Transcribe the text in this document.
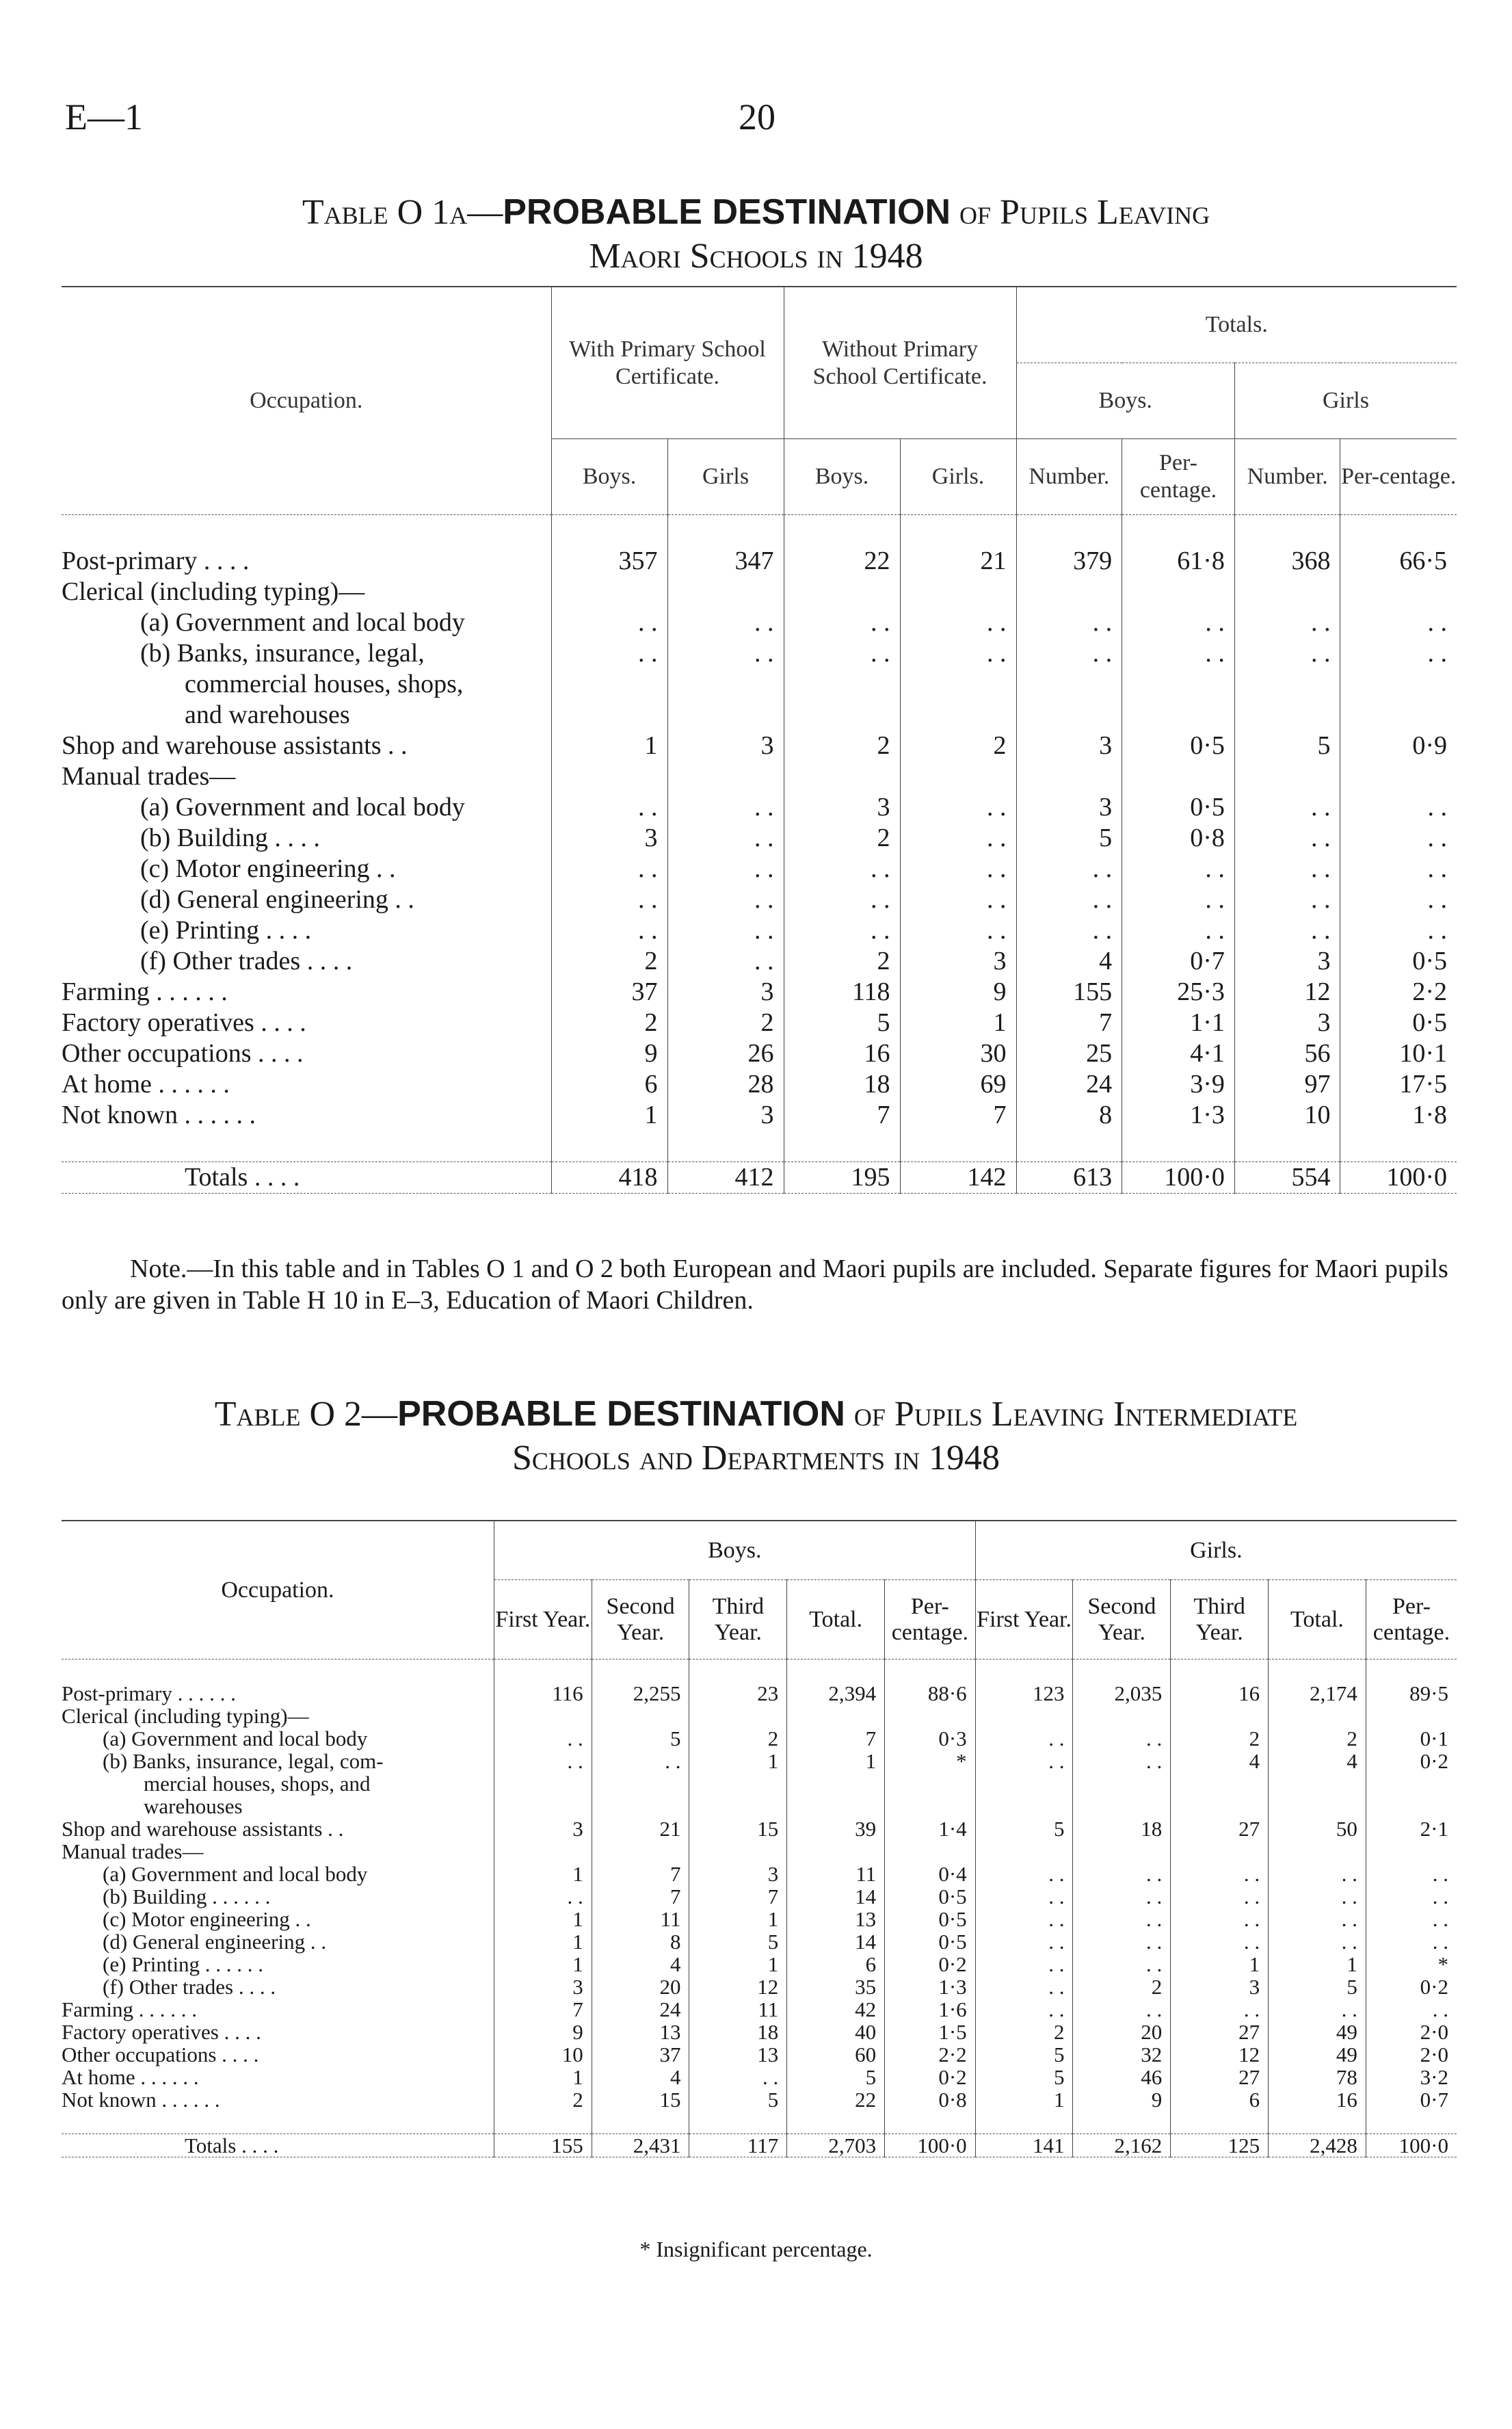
E—1	20
Table O 1a—PROBABLE DESTINATION of Pupils Leaving
Maori Schools in 1948
Occupation.	With Primary School Certificate.		Without Primary School Certificate.		Totals.			
					Boys.		Girls	
	Boys.	Girls	Boys.	Girls.	Number.	Per-centage.	Number.	Per-centage.

Post-primary . . . .	357	347	22	21	379	61·8	368	66·5
Clerical (including typing)—								
(a) Government and local body	. .	. .	. .	. .	. .	. .	. .	. .
(b) Banks, insurance, legal,	. .	. .	. .	. .	. .	. .	. .	. .
commercial houses, shops,								
and warehouses								
Shop and warehouse assistants . .	1	3	2	2	3	0·5	5	0·9
Manual trades—								
(a) Government and local body	. .	. .	3	. .	3	0·5	. .	. .
(b) Building . . . .	3	. .	2	. .	5	0·8	. .	. .
(c) Motor engineering . .	. .	. .	. .	. .	. .	. .	. .	. .
(d) General engineering . .	. .	. .	. .	. .	. .	. .	. .	. .
(e) Printing . . . .	. .	. .	. .	. .	. .	. .	. .	. .
(f) Other trades . . . .	2	. .	2	3	4	0·7	3	0·5
Farming . . . . . .	37	3	118	9	155	25·3	12	2·2
Factory operatives . . . .	2	2	5	1	7	1·1	3	0·5
Other occupations . . . .	9	26	16	30	25	4·1	56	10·1
At home . . . . . .	6	28	18	69	24	3·9	97	17·5
Not known . . . . . .	1	3	7	7	8	1·3	10	1·8

Totals . . . .	418	412	195	142	613	100·0	554	100·0
Note.—In this table and in Tables O 1 and O 2 both European and Maori pupils are included. Separate figures for Maori pupils only are given in Table H 10 in E–3, Education of Maori Children.
Table O 2—PROBABLE DESTINATION of Pupils Leaving Intermediate
Schools and Departments in 1948
Occupation.	Boys.					Girls.				
	First Year.	Second Year.	Third Year.	Total.	Per-centage.	First Year.	Second Year.	Third Year.	Total.	Per-centage.

Post-primary . . . . . .	116	2,255	23	2,394	88·6	123	2,035	16	2,174	89·5
Clerical (including typing)—										
(a) Government and local body	. .	5	2	7	0·3	. .	. .	2	2	0·1
(b) Banks, insurance, legal, com-	. .	. .	1	1	*	. .	. .	4	4	0·2
mercial houses, shops, and										
warehouses										
Shop and warehouse assistants . .	3	21	15	39	1·4	5	18	27	50	2·1
Manual trades—										
(a) Government and local body	1	7	3	11	0·4	. .	. .	. .	. .	. .
(b) Building . . . . . .	. .	7	7	14	0·5	. .	. .	. .	. .	. .
(c) Motor engineering . .	1	11	1	13	0·5	. .	. .	. .	. .	. .
(d) General engineering . .	1	8	5	14	0·5	. .	. .	. .	. .	. .
(e) Printing . . . . . .	1	4	1	6	0·2	. .	. .	1	1	*
(f) Other trades . . . .	3	20	12	35	1·3	. .	2	3	5	0·2
Farming . . . . . .	7	24	11	42	1·6	. .	. .	. .	. .	. .
Factory operatives . . . .	9	13	18	40	1·5	2	20	27	49	2·0
Other occupations . . . .	10	37	13	60	2·2	5	32	12	49	2·0
At home . . . . . .	1	4	. .	5	0·2	5	46	27	78	3·2
Not known . . . . . .	2	15	5	22	0·8	1	9	6	16	0·7

Totals . . . .	155	2,431	117	2,703	100·0	141	2,162	125	2,428	100·0
* Insignificant percentage.
